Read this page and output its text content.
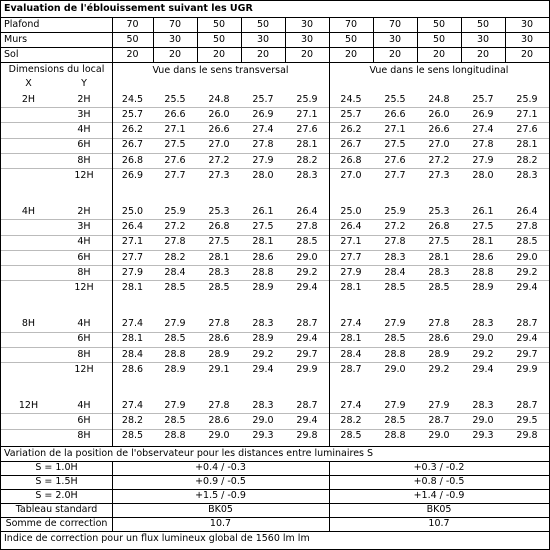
Evaluation de l'éblouissement suivant les UGR
Plafond	70	70	50	50	30	70	70	50	50	30
Murs	50	30	50	30	30	50	30	50	30	30
Sol	20	20	20	20	20	20	20	20	20	20
Dimensions du local
X	Y
Vue dans le sens transversal	Vue dans le sens longitudinal
2H	2H	24.5	25.5	24.8	25.7	25.9	24.5	25.5	24.8	25.7	25.9
3H	25.7	26.6	26.0	26.9	27.1	25.7	26.6	26.0	26.9	27.1
4H	26.2	27.1	26.6	27.4	27.6	26.2	27.1	26.6	27.4	27.6
6H	26.7	27.5	27.0	27.8	28.1	26.7	27.5	27.0	27.8	28.1
8H	26.8	27.6	27.2	27.9	28.2	26.8	27.6	27.2	27.9	28.2
12H	26.9	27.7	27.3	28.0	28.3	27.0	27.7	27.3	28.0	28.3
4H	2H	25.0	25.9	25.3	26.1	26.4	25.0	25.9	25.3	26.1	26.4
3H	26.4	27.2	26.8	27.5	27.8	26.4	27.2	26.8	27.5	27.8
4H	27.1	27.8	27.5	28.1	28.5	27.1	27.8	27.5	28.1	28.5
6H	27.7	28.2	28.1	28.6	29.0	27.7	28.3	28.1	28.6	29.0
8H	27.9	28.4	28.3	28.8	29.2	27.9	28.4	28.3	28.8	29.2
12H	28.1	28.5	28.5	28.9	29.4	28.1	28.5	28.5	28.9	29.4
8H	4H	27.4	27.9	27.8	28.3	28.7	27.4	27.9	27.8	28.3	28.7
6H	28.1	28.5	28.6	28.9	29.4	28.1	28.5	28.6	29.0	29.4
8H	28.4	28.8	28.9	29.2	29.7	28.4	28.8	28.9	29.2	29.7
12H	28.6	28.9	29.1	29.4	29.9	28.7	29.0	29.2	29.4	29.9
12H	4H	27.4	27.9	27.8	28.3	28.7	27.4	27.9	27.9	28.3	28.7
6H	28.2	28.5	28.6	29.0	29.4	28.2	28.5	28.7	29.0	29.5
8H	28.5	28.8	29.0	29.3	29.8	28.5	28.8	29.0	29.3	29.8
Variation de la position de l'observateur pour les distances entre luminaires S
S = 1.0H	+0.4 / -0.3	+0.3 / -0.2
S = 1.5H	+0.9 / -0.5	+0.8 / -0.5
S = 2.0H	+1.5 / -0.9	+1.4 / -0.9
Tableau standard	BK05	BK05
Somme de correction	10.7	10.7
Indice de correction pour un flux lumineux global de 1560 lm lm
